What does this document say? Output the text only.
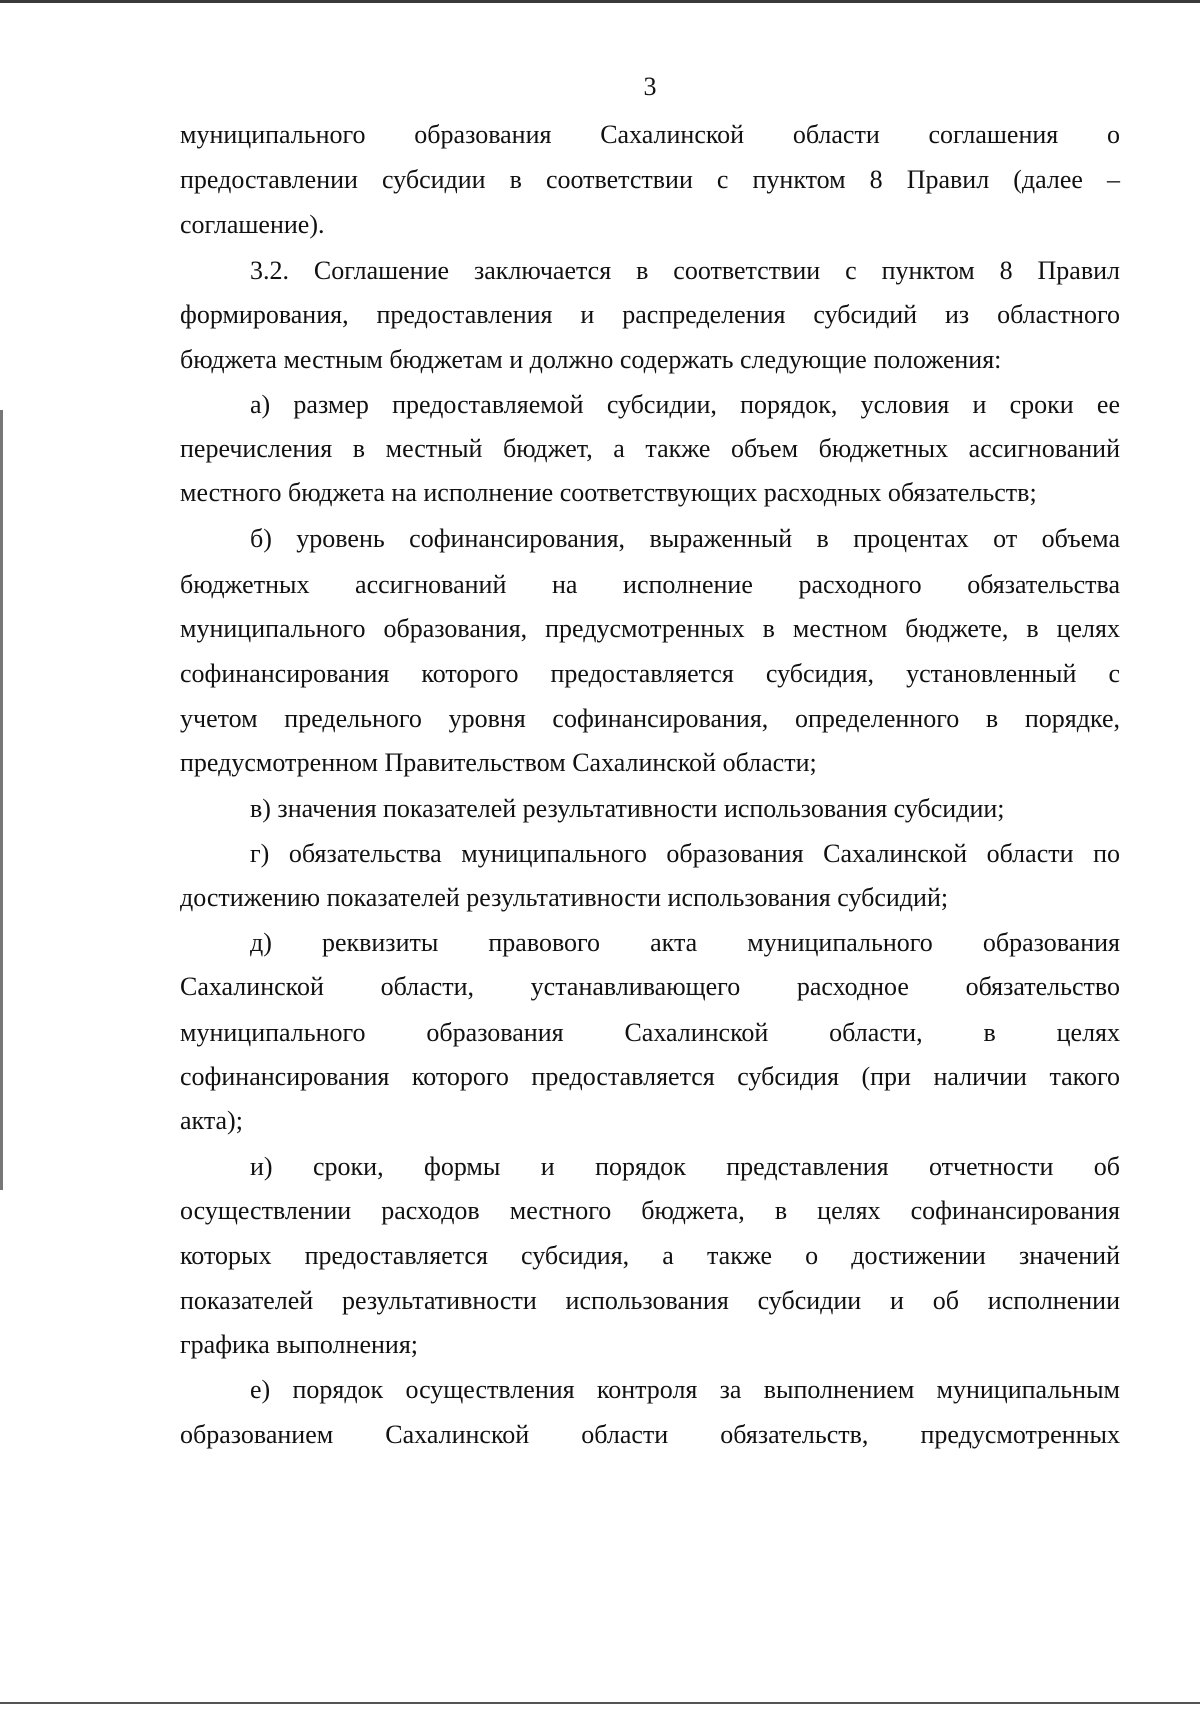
3
муниципального образования Сахалинской области соглашения о
предоставлении субсидии в соответствии с пунктом 8 Правил (далее –
соглашение).
3.2. Соглашение заключается в соответствии с пунктом 8 Правил
формирования, предоставления и распределения субсидий из областного
бюджета местным бюджетам и должно содержать следующие положения:
а) размер предоставляемой субсидии, порядок, условия и сроки ее
перечисления в местный бюджет, а также объем бюджетных ассигнований
местного бюджета на исполнение соответствующих расходных обязательств;
б) уровень софинансирования, выраженный в процентах от объема
бюджетных ассигнований на исполнение расходного обязательства
муниципального образования, предусмотренных в местном бюджете, в целях
софинансирования которого предоставляется субсидия, установленный с
учетом предельного уровня софинансирования, определенного в порядке,
предусмотренном Правительством Сахалинской области;
в) значения показателей результативности использования субсидии;
г) обязательства муниципального образования Сахалинской области по
достижению показателей результативности использования субсидий;
д) реквизиты правового акта муниципального образования
Сахалинской области, устанавливающего расходное обязательство
муниципального образования Сахалинской области, в целях
софинансирования которого предоставляется субсидия (при наличии такого
акта);
и) сроки, формы и порядок представления отчетности об
осуществлении расходов местного бюджета, в целях софинансирования
которых предоставляется субсидия, а также о достижении значений
показателей результативности использования субсидии и об исполнении
графика выполнения;
е) порядок осуществления контроля за выполнением муниципальным
образованием Сахалинской области обязательств, предусмотренных
